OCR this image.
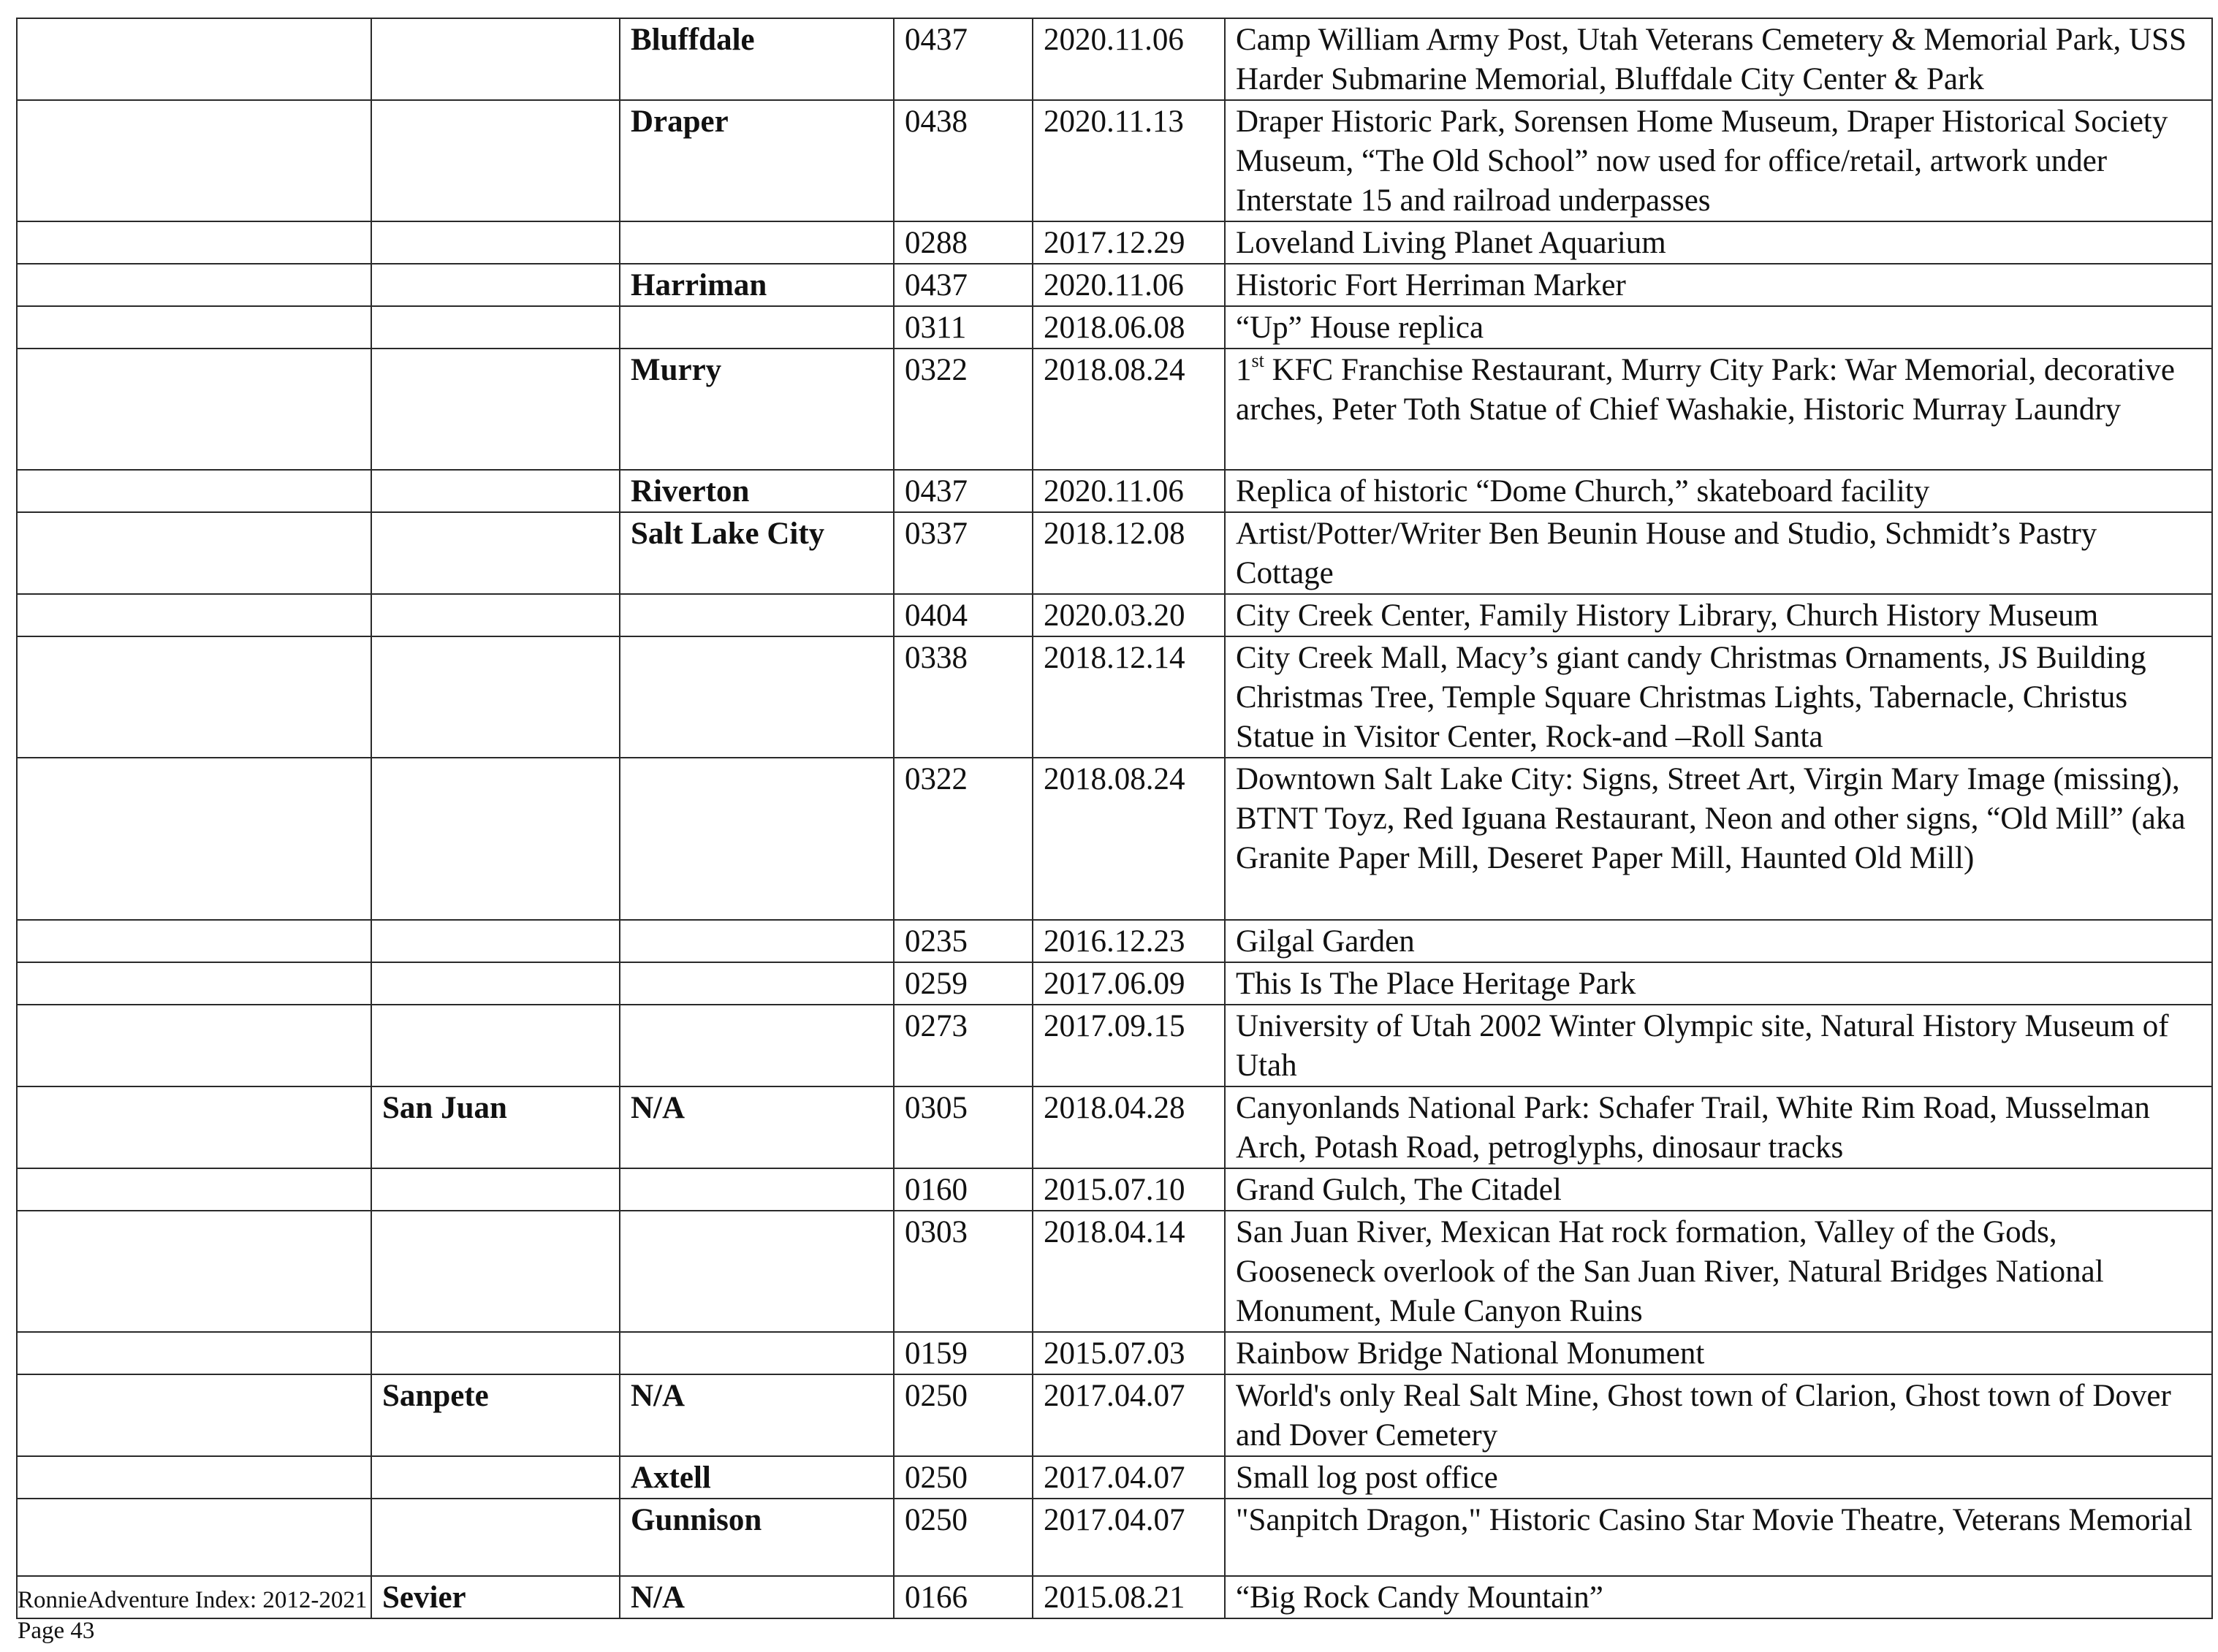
		Bluffdale	0437	2020.11.06	Camp William Army Post, Utah Veterans Cemetery & Memorial Park, USS Harder Submarine Memorial, Bluffdale City Center & Park
		Draper	0438	2020.11.13	Draper Historic Park, Sorensen Home Museum, Draper Historical Society Museum, “The Old School” now used for office/retail, artwork under Interstate 15 and railroad underpasses
			0288	2017.12.29	Loveland Living Planet Aquarium
		Harriman	0437	2020.11.06	Historic Fort Herriman Marker
			0311	2018.06.08	“Up” House replica
		Murry	0322	2018.08.24	1st KFC Franchise Restaurant, Murry City Park: War Memorial, decorative arches, Peter Toth Statue of Chief Washakie, Historic Murray Laundry
		Riverton	0437	2020.11.06	Replica of historic “Dome Church,” skateboard facility
		Salt Lake City	0337	2018.12.08	Artist/Potter/Writer Ben Beunin House and Studio, Schmidt’s Pastry Cottage
			0404	2020.03.20	City Creek Center, Family History Library, Church History Museum
			0338	2018.12.14	City Creek Mall, Macy’s giant candy Christmas Ornaments, JS Building Christmas Tree, Temple Square Christmas Lights, Tabernacle, Christus Statue in Visitor Center, Rock-and –Roll Santa
			0322	2018.08.24	Downtown Salt Lake City: Signs, Street Art, Virgin Mary Image (missing), BTNT Toyz, Red Iguana Restaurant, Neon and other signs, “Old Mill” (aka Granite Paper Mill, Deseret Paper Mill, Haunted Old Mill)
			0235	2016.12.23	Gilgal Garden
			0259	2017.06.09	This Is The Place Heritage Park
			0273	2017.09.15	University of Utah 2002 Winter Olympic site, Natural History Museum of Utah
	San Juan	N/A	0305	2018.04.28	Canyonlands National Park: Schafer Trail, White Rim Road, Musselman Arch, Potash Road, petroglyphs, dinosaur tracks
			0160	2015.07.10	Grand Gulch, The Citadel
			0303	2018.04.14	San Juan River, Mexican Hat rock formation, Valley of the Gods, Gooseneck overlook of the San Juan River, Natural Bridges National Monument, Mule Canyon Ruins
			0159	2015.07.03	Rainbow Bridge National Monument
	Sanpete	N/A	0250	2017.04.07	World's only Real Salt Mine, Ghost town of Clarion, Ghost town of Dover and Dover Cemetery
		Axtell	0250	2017.04.07	Small log post office
		Gunnison	0250	2017.04.07	"Sanpitch Dragon," Historic Casino Star Movie Theatre, Veterans Memorial
	Sevier	N/A	0166	2015.08.21	“Big Rock Candy Mountain”
RonnieAdventure Index: 2012-2021
Page 43
